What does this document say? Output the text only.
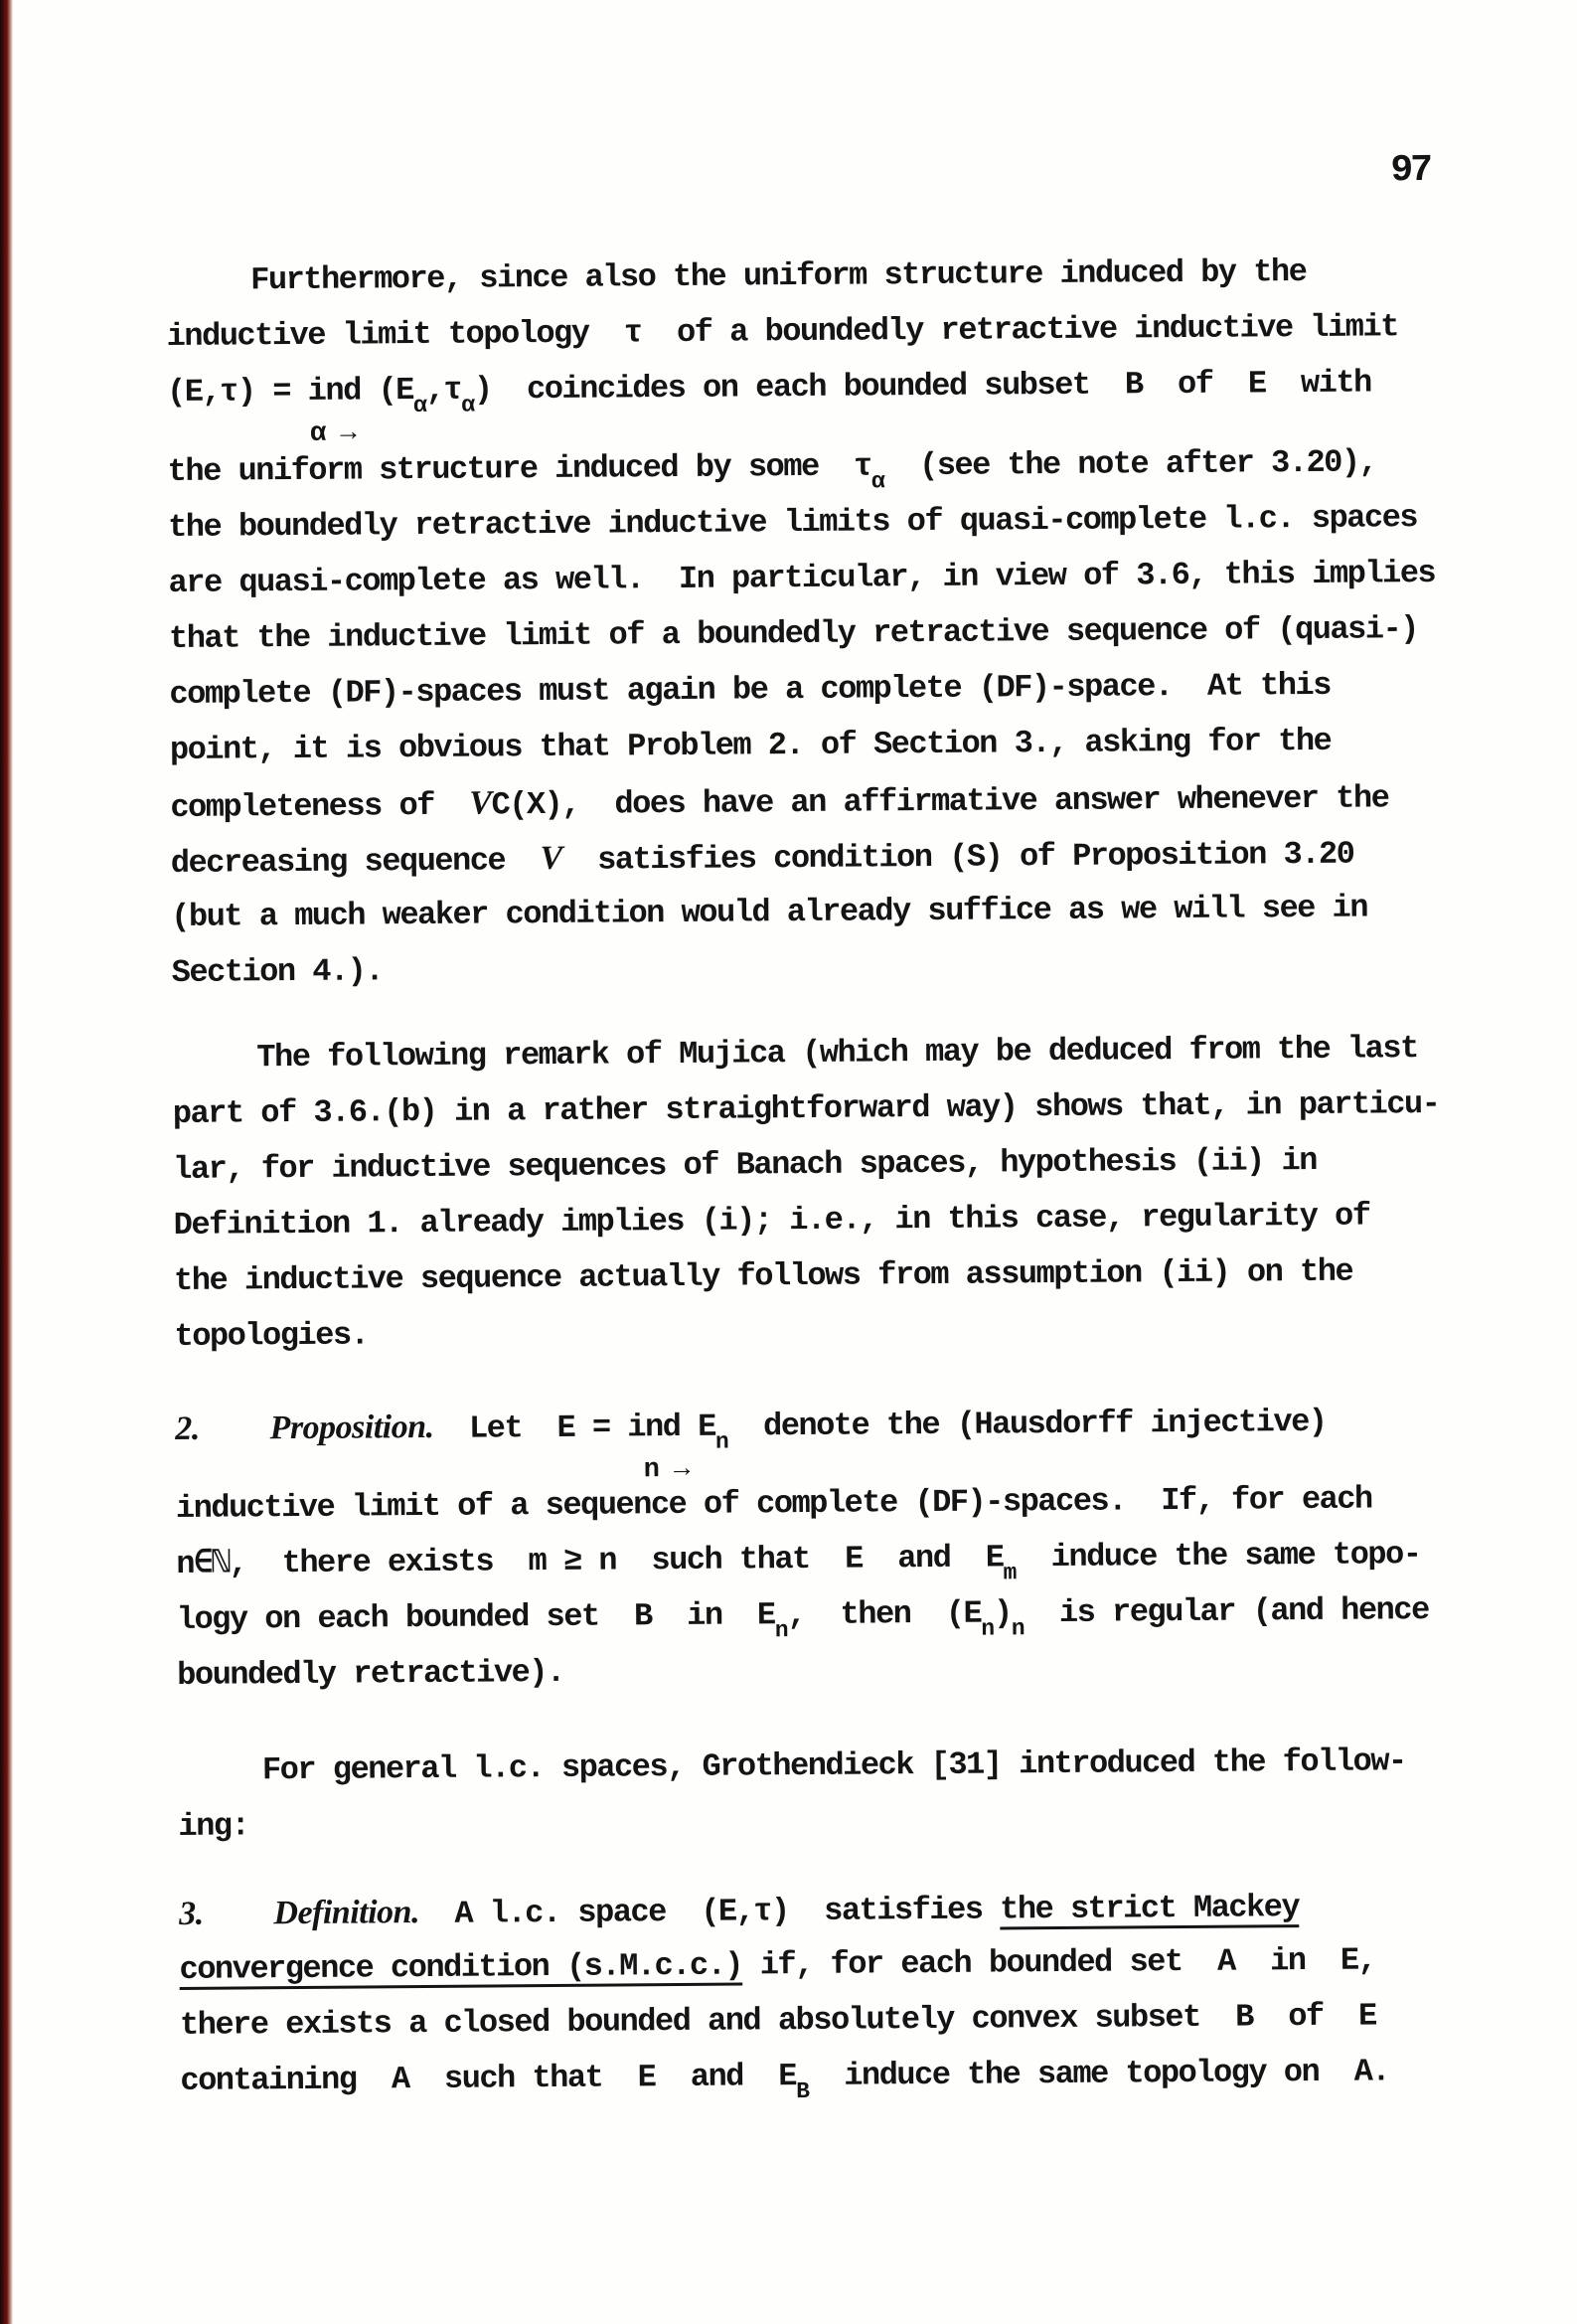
97
Furthermore, since also the uniform structure induced by the
inductive limit topology  τ  of a boundedly retractive inductive limit
(E,τ) = ind
α →
(Eα,τα)  coincides on each bounded subset  B  of  E  with
the uniform structure induced by some  τα  (see the note after 3.20),
the boundedly retractive inductive limits of quasi-complete l.c. spaces
are quasi-complete as well.  In particular, in view of 3.6, this implies
that the inductive limit of a boundedly retractive sequence of (quasi-)
complete (DF)-spaces must again be a complete (DF)-space.  At this
point, it is obvious that Problem 2. of Section 3., asking for the
completeness of  VC(X),  does have an affirmative answer whenever the
decreasing sequence  V  satisfies condition (S) of Proposition 3.20
(but a much weaker condition would already suffice as we will see in
Section 4.).
The following remark of Mujica (which may be deduced from the last
part of 3.6.(b) in a rather straightforward way) shows that, in particu-
lar, for inductive sequences of Banach spaces, hypothesis (ii) in
Definition 1. already implies (i); i.e., in this case, regularity of
the inductive sequence actually follows from assumption (ii) on the
topologies.
2. Proposition.  Let  E = ind
n →
En  denote the (Hausdorff injective)
inductive limit of a sequence of complete (DF)-spaces.  If, for each
n∈ℕ,  there exists  m ≥ n  such that  E  and  Em  induce the same topo-
logy on each bounded set  B  in  En,  then  (En)n  is regular (and hence
boundedly retractive).
For general l.c. spaces, Grothendieck [31] introduced the follow-
ing:
3. Definition.  A l.c. space  (E,τ)  satisfies the strict Mackey
convergence condition (s.M.c.c.) if, for each bounded set  A  in  E,
there exists a closed bounded and absolutely convex subset  B  of  E
containing  A  such that  E  and  EB  induce the same topology on  A.
